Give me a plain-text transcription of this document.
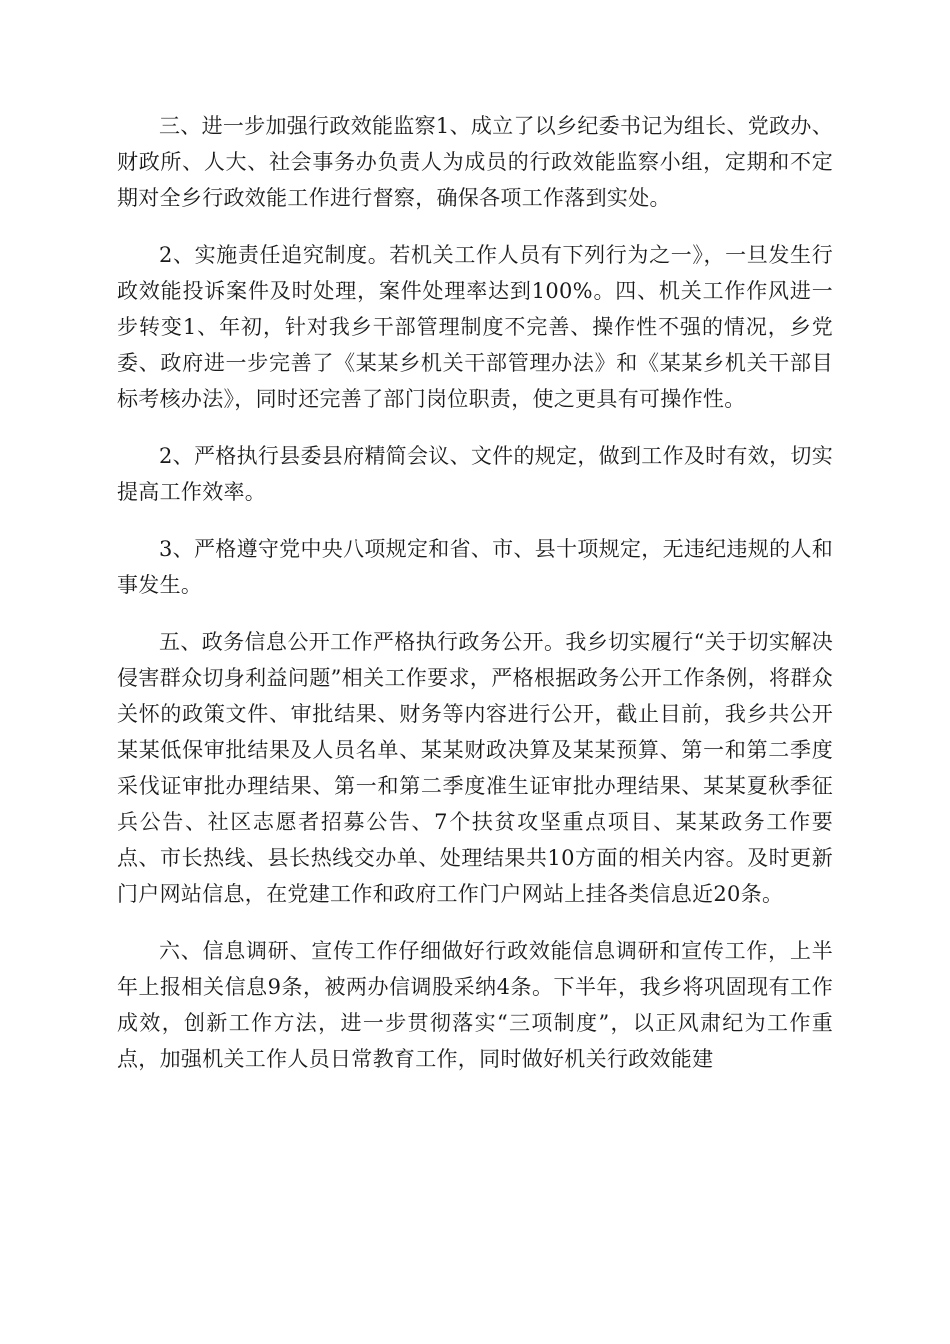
三、进一步加强行政效能监察1、成立了以乡纪委书记为组长、党政办、财政所、人大、社会事务办负责人为成员的行政效能监察小组，定期和不定期对全乡行政效能工作进行督察，确保各项工作落到实处。

2、实施责任追究制度。若机关工作人员有下列行为之一》，一旦发生行政效能投诉案件及时处理，案件处理率达到100%。四、机关工作作风进一步转变1、年初，针对我乡干部管理制度不完善、操作性不强的情况，乡党委、政府进一步完善了《某某乡机关干部管理办法》和《某某乡机关干部目标考核办法》，同时还完善了部门岗位职责，使之更具有可操作性。

2、严格执行县委县府精简会议、文件的规定，做到工作及时有效，切实提高工作效率。

3、严格遵守党中央八项规定和省、市、县十项规定，无违纪违规的人和事发生。

五、政务信息公开工作严格执行政务公开。我乡切实履行“关于切实解决侵害群众切身利益问题”相关工作要求，严格根据政务公开工作条例，将群众关怀的政策文件、审批结果、财务等内容进行公开，截止目前，我乡共公开某某低保审批结果及人员名单、某某财政决算及某某预算、第一和第二季度采伐证审批办理结果、第一和第二季度准生证审批办理结果、某某夏秋季征兵公告、社区志愿者招募公告、7个扶贫攻坚重点项目、某某政务工作要点、市长热线、县长热线交办单、处理结果共10方面的相关内容。及时更新门户网站信息，在党建工作和政府工作门户网站上挂各类信息近20条。

六、信息调研、宣传工作仔细做好行政效能信息调研和宣传工作，上半年上报相关信息9条，被两办信调股采纳4条。下半年，我乡将巩固现有工作成效，创新工作方法，进一步贯彻落实“三项制度”，以正风肃纪为工作重点，加强机关工作人员日常教育工作，同时做好机关行政效能建
